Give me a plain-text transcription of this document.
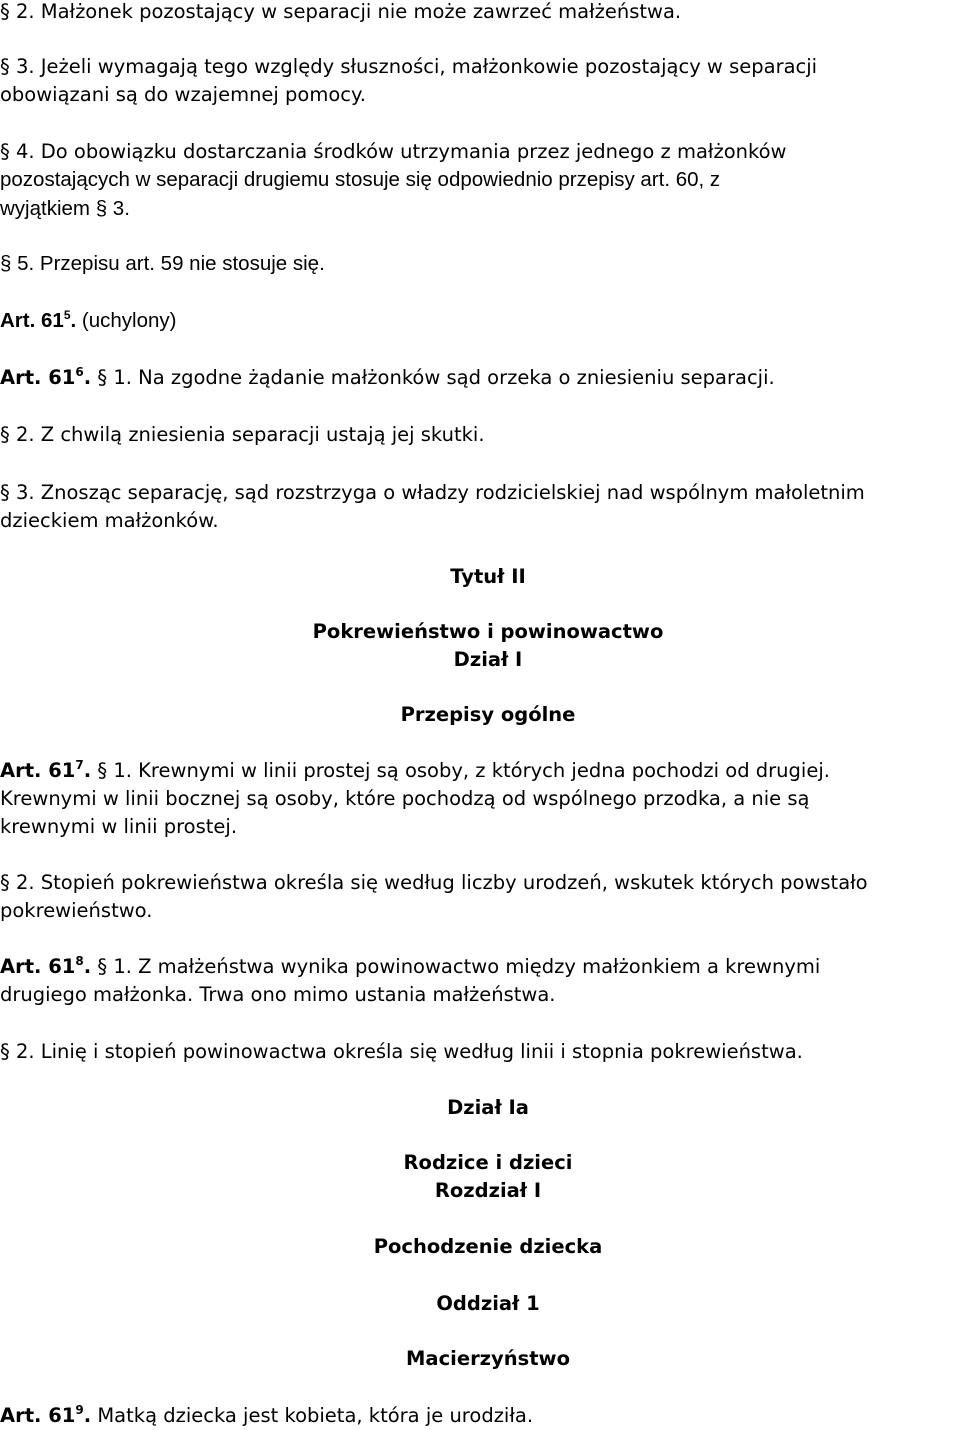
§ 2. Małżonek pozostający w separacji nie może zawrzeć małżeństwa.
§ 3. Jeżeli wymagają tego względy słuszności, małżonkowie pozostający w separacji
obowiązani są do wzajemnej pomocy.
§ 4. Do obowiązku dostarczania środków utrzymania przez jednego z małżonków
pozostających w separacji drugiemu stosuje się odpowiednio przepisy art. 60, z
wyjątkiem § 3.
§ 5. Przepisu art. 59 nie stosuje się.
Art. $61^5$. (uchylony)
Art. $61^6$. § 1. Na zgodne żądanie małżonków sąd orzeka o zniesieniu separacji.
§ 2. Z chwilą zniesienia separacji ustają jej skutki.
§ 3. Znosząc separację, sąd rozstrzyga o władzy rodzicielskiej nad wspólnym małoletnim
dzieckiem małżonków.
Tytuł II
Pokrewieństwo i powinowactwo
Dział I
Przepisy ogólne
Art. $61^7$. § 1. Krewnymi w linii prostej są osoby, z których jedna pochodzi od drugiej.
Krewnymi w linii bocznej są osoby, które pochodzą od wspólnego przodka, a nie są
krewnymi w linii prostej.
§ 2. Stopień pokrewieństwa określa się według liczby urodzeń, wskutek których powstało
pokrewieństwo.
Art. $61^8$. § 1. Z małżeństwa wynika powinowactwo między małżonkiem a krewnymi
drugiego małżonka. Trwa ono mimo ustania małżeństwa.
§ 2. Linię i stopień powinowactwa określa się według linii i stopnia pokrewieństwa.
Dział Ia
Rodzice i dzieci
Rozdział I
Pochodzenie dziecka
Oddział 1
Macierzyństwo
Art. $61^9$. Matką dziecka jest kobieta, która je urodziła.
